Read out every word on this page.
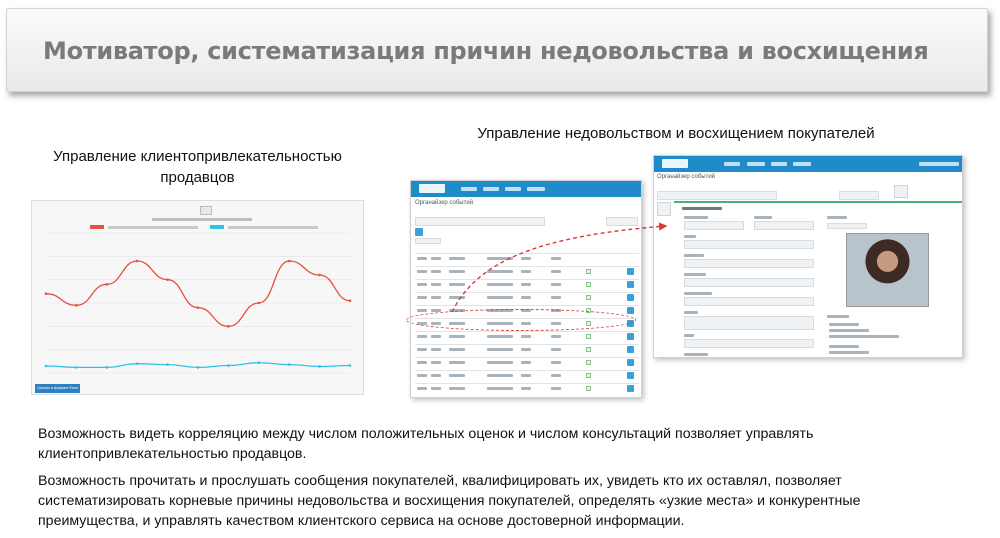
Мотиватор, систематизация причин недовольства и восхищения
Управление клиентопривлекательностью продавцов
Управление недовольством и восхищением покупателей
Скачать в формате Excel
Органайзер событий
Органайзер событий
Возможность видеть корреляцию между числом положительных оценок и числом консультаций позволяет управлять клиентопривлекательностью продавцов.
Возможность прочитать и прослушать сообщения покупателей, квалифицировать их, увидеть кто их оставлял, позволяет систематизировать корневые причины недовольства и восхищения покупателей, определять «узкие места» и конкурентные преимущества, и управлять качеством клиентского сервиса на основе достоверной информации.
